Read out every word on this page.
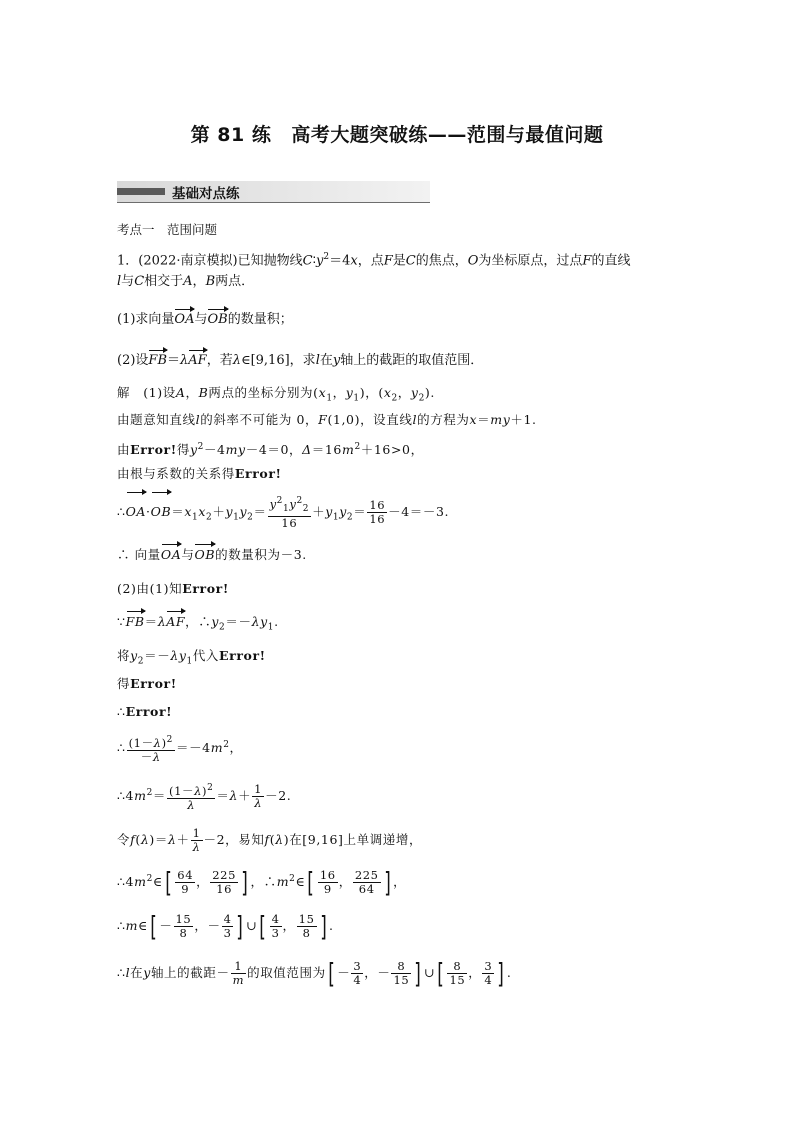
第 81 练 高考大题突破练——范围与最值问题
基础对点练
考点一　范围问题
1．(2022·南京模拟)已知抛物线$C∶y^2=4x$，点F是C的焦点，O为坐标原点，过点F的直线
l与C相交于A，B两点．
(1)求向量OA与OB的数量积；
(2)设FB＝λAF，若λ∈[9,16]，求l在y轴上的截距的取值范围．
解　(1)设A，B两点的坐标分别为($x_1$，$y_1$)，($x_2$，$y_2$).
由题意知直线l的斜率不可能为 0，F(1,0)，设直线l的方程为x＝my＋1.
由Error!得$y^2-4my-4=0$，$\Delta=16m^2+16>0$，
由根与系数的关系得Error!
$\therefore OA\cdot OB=x_1x_2+y_1y_2= \frac{y^2_1y^2_2}{16} +y_1y_2= \frac{16}{16} -4=-3$.
∴ 向量OA与OB的数量积为－3.
(2)由(1)知Error!
∵FB＝λAF，$\therefore y_2=-\lambda y_1$.
将$y_2=-\lambda y_1$代入Error!
得Error!
∴Error!
∴ $\frac{(1-\lambda)^2}{-\lambda} =-4m^2$，
$\therefore 4m^2= \frac{(1-\lambda)^2}{\lambda} =\lambda+ \frac{1}{\lambda} -2$.
令$f(\lambda)=\lambda+ \frac{1}{\lambda} -2$，易知f(λ)在[9,16]上单调递增，
$\therefore 4m^2\in[ \frac{64}{9}$ ， $\frac{225}{16}$ ] ，$\therefore m^2\in[ \frac{16}{9}$ ， $\frac{225}{64}$ ] ，
∴m∈[ － $\frac{15}{8}$ ，－ $\frac{4}{3}$ ] ∪[ $\frac{4}{3}$ ， $\frac{15}{8}$ ] .
∴l在y轴上的截距－ $\frac{1}{m}$ 的取值范围为[ － $\frac{3}{4}$ ，－ $\frac{8}{15}$ ] ∪[ $\frac{8}{15}$ ， $\frac{3}{4}$ ] .
